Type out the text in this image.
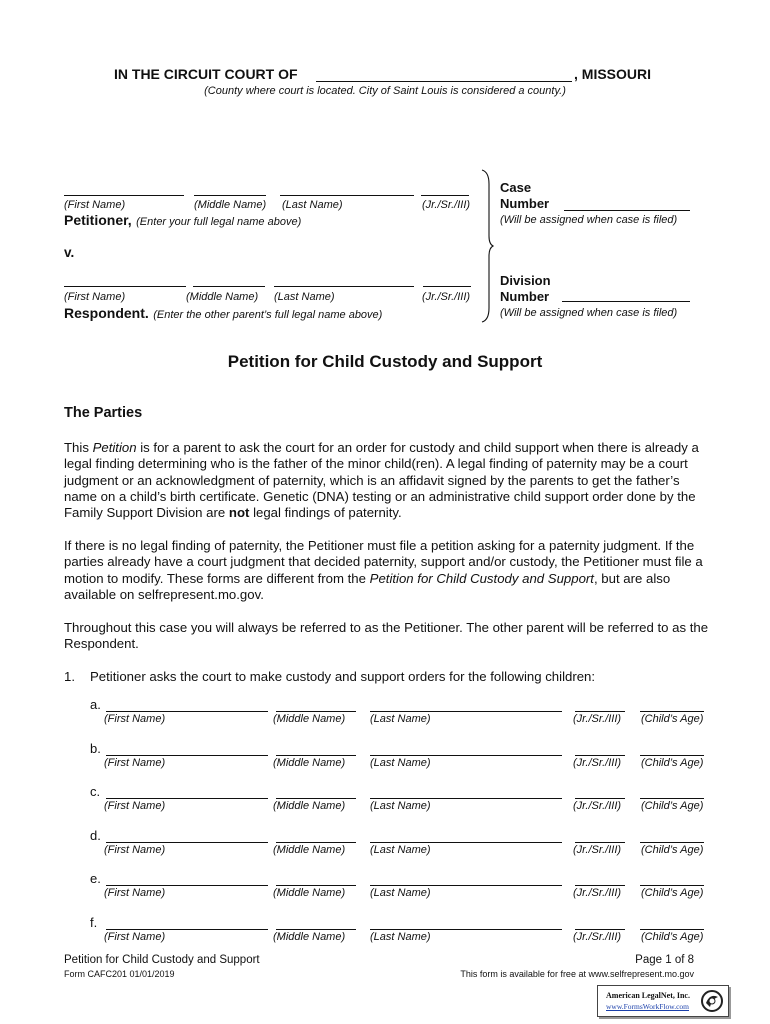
IN THE CIRCUIT COURT OF	, MISSOURI
(County where court is located. City of Saint Louis is considered a county.)
(First Name)	(Middle Name) (Last Name)	(Jr./Sr./III)
Petitioner, (Enter your full legal name above)
v.
(First Name)	(Middle Name) (Last Name)	(Jr./Sr./III)
Respondent. (Enter the other parent’s full legal name above)
Case
Number
(Will be assigned when case is filed)
Division
Number
(Will be assigned when case is filed)
Petition for Child Custody and Support
The Parties

This Petition is for a parent to ask the court for an order for custody and child support when there is already a legal finding determining who is the father of the minor child(ren). A legal finding of paternity may be a court judgment or an acknowledgment of paternity, which is an affidavit signed by the parents to get the father’s name on a child’s birth certificate. Genetic (DNA) testing or an administrative child support order done by the Family Support Division are not legal findings of paternity.

If there is no legal finding of paternity, the Petitioner must file a petition asking for a paternity judgment. If the parties already have a court judgment that decided paternity, support and/or custody, the Petitioner must file a motion to modify. These forms are different from the Petition for Child Custody and Support, but are also available on selfrepresent.mo.gov.

Throughout this case you will always be referred to as the Petitioner. The other parent will be referred to as the Respondent.

1. Petitioner asks the court to make custody and support orders for the following children:
a.
(First Name)	(Middle Name) (Last Name)	(Jr./Sr./III) (Child’s Age)
b.
(First Name)	(Middle Name) (Last Name)	(Jr./Sr./III) (Child’s Age)
c.
(First Name)	(Middle Name) (Last Name)	(Jr./Sr./III) (Child’s Age)
d.
(First Name)	(Middle Name) (Last Name)	(Jr./Sr./III) (Child’s Age)
e.
(First Name)	(Middle Name) (Last Name)	(Jr./Sr./III) (Child’s Age)
f.
(First Name)	(Middle Name) (Last Name)	(Jr./Sr./III) (Child’s Age)
Petition for Child Custody and Support
Form CAFC201 01/01/2019
Page 1 of 8
This form is available for free at www.selfrepresent.mo.gov
American LegalNet, Inc.
www.FormsWorkFlow.com
